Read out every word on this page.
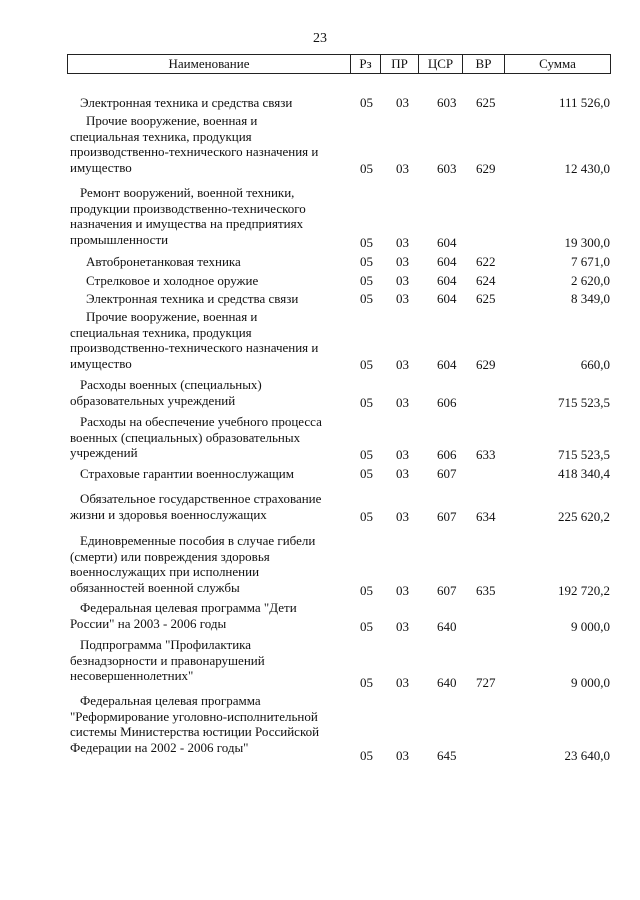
23
Наименование	Рз	ПР	ЦСР	ВР	Сумма
Электронная техника и средства связи	05 03 603 625	111 526,0
Прочие вооружение, военная и
специальная техника, продукция
производственно-технического назначения и
имущество	05 03 603 629	12 430,0
Ремонт вооружений, военной техники,
продукции производственно-технического
назначения и имущества на предприятиях
промышленности	05 03 604	19 300,0
Автобронетанковая техника	05 03 604 622	7 671,0
Стрелковое и холодное оружие	05 03 604 624	2 620,0
Электронная техника и средства связи	05 03 604 625	8 349,0
Прочие вооружение, военная и
специальная техника, продукция
производственно-технического назначения и
имущество	05 03 604 629	660,0
Расходы военных (специальных)
образовательных учреждений	05 03 606	715 523,5
Расходы на обеспечение учебного процесса
военных (специальных) образовательных
учреждений	05 03 606 633	715 523,5
Страховые гарантии военнослужащим	05 03 607	418 340,4
Обязательное государственное страхование
жизни и здоровья военнослужащих	05 03 607 634	225 620,2
Единовременные пособия в случае гибели
(смерти) или повреждения здоровья
военнослужащих при исполнении
обязанностей военной службы	05 03 607 635	192 720,2
Федеральная целевая программа "Дети
России" на 2003 - 2006 годы	05 03 640	9 000,0
Подпрограмма "Профилактика
безнадзорности и правонарушений
несовершеннолетних"	05 03 640 727	9 000,0
Федеральная целевая программа
"Реформирование уголовно-исполнительной
системы Министерства юстиции Российской
Федерации на 2002 - 2006 годы"
05 03 645	23 640,0
